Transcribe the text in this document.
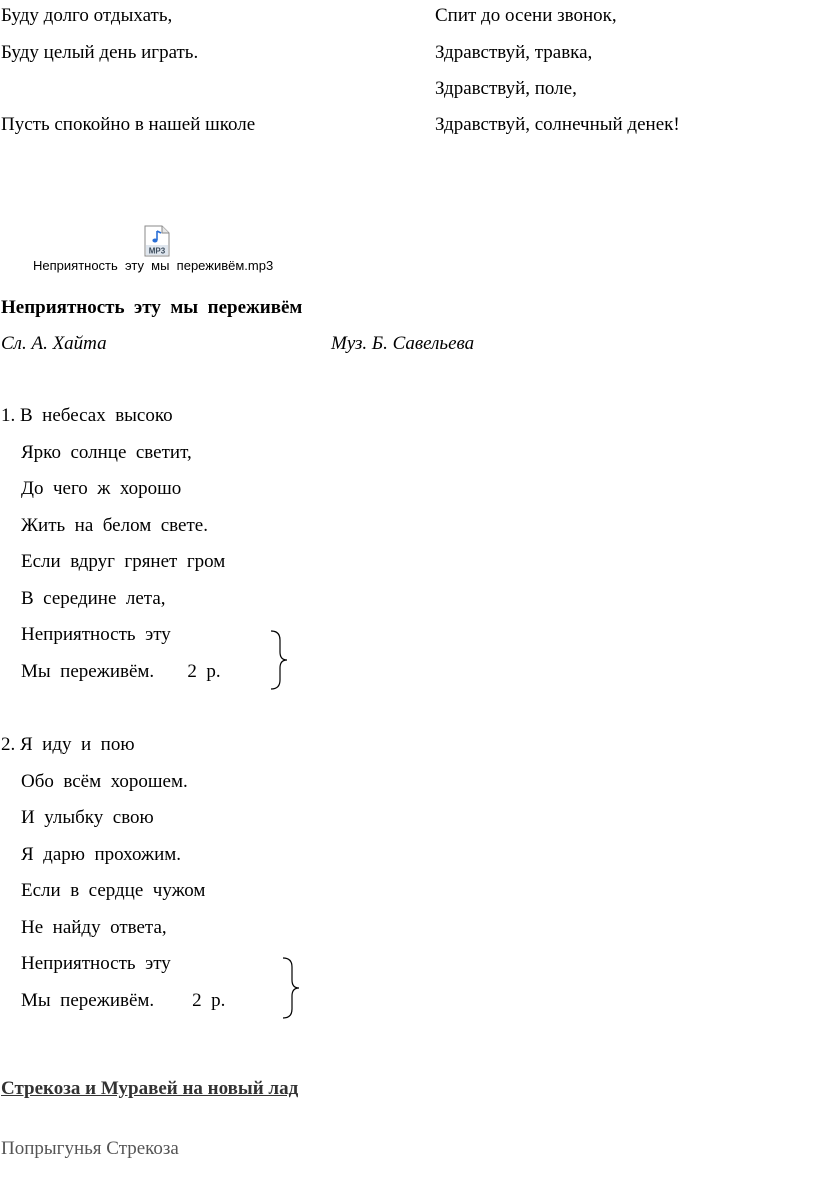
Буду долго отдыхать,
Буду целый день играть.
Пусть спокойно в нашей школе
Спит до осени звонок,
Здравствуй, травка,
Здравствуй, поле,
Здравствуй, солнечный денек!
MP3
Неприятность  эту  мы  переживём.mp3
Неприятность  эту  мы  переживём
Сл. А. Хайта	Муз. Б. Савельева
1. В  небесах  высоко
Ярко  солнце  светит,
До  чего  ж  хорошо
Жить  на  белом  свете.
Если  вдруг  грянет  гром
В  середине  лета,
Неприятность  эту
Мы  переживём.       2  р.
2. Я  иду  и  пою
Обо  всём  хорошем.
И  улыбку  свою
Я  дарю  прохожим.
Если  в  сердце  чужом
Не  найду  ответа,
Неприятность  эту
Мы  переживём.        2  р.
Стрекоза и Муравей на новый лад
Попрыгунья Стрекоза
